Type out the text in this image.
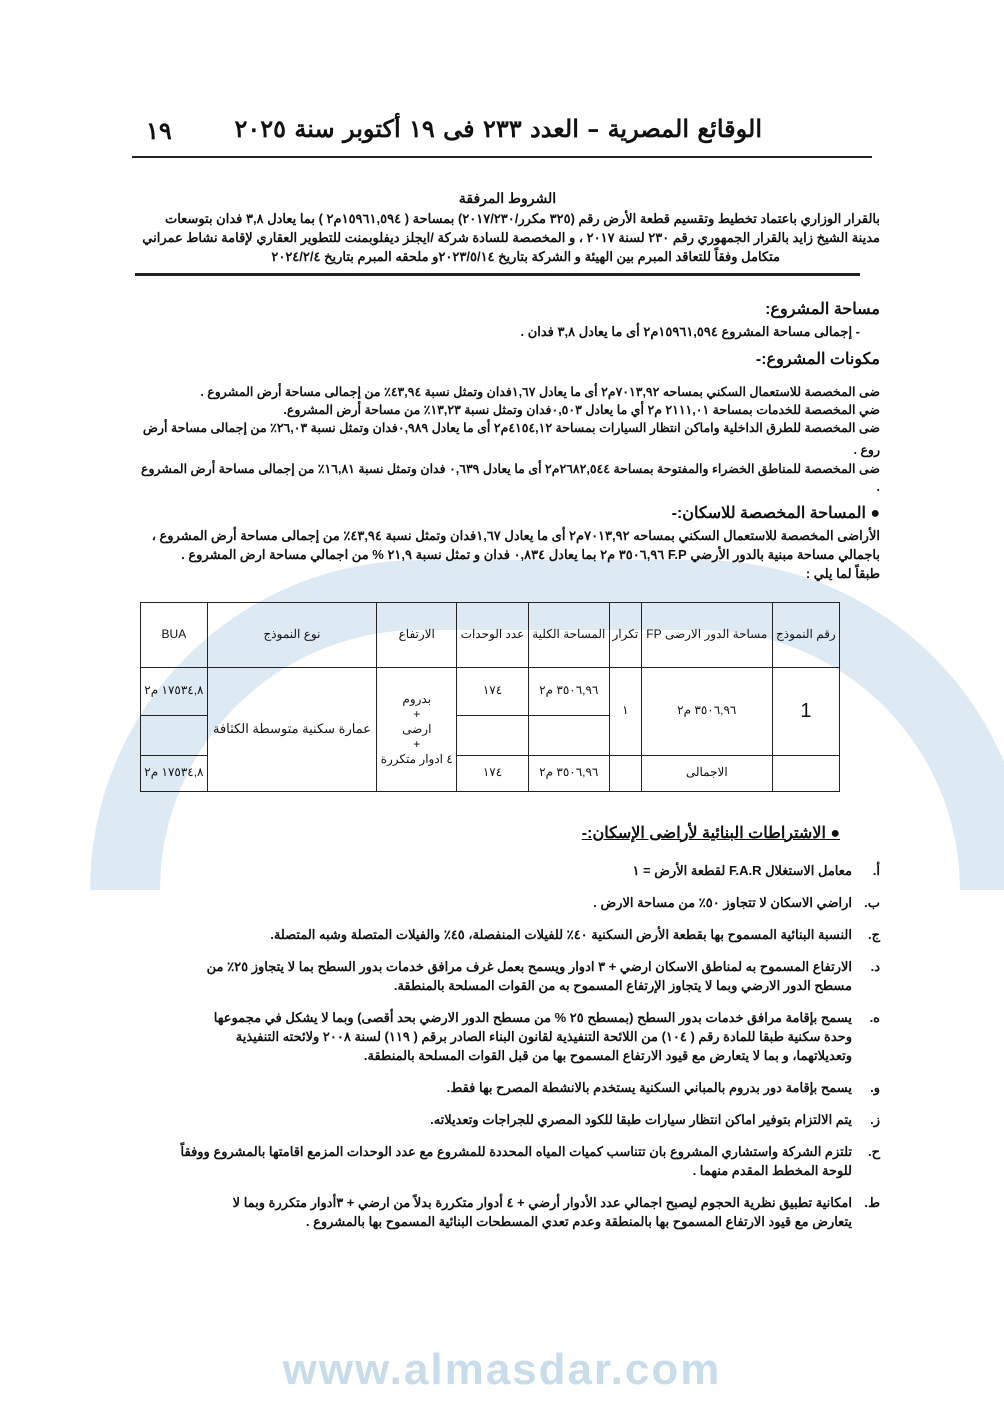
الوقائع المصرية – العدد ٢٣٣ فى ١٩ أكتوبر سنة ٢٠٢٥
١٩
www.almasdar.com
الشروط المرفقة
بالقرار الوزاري باعتماد تخطيط وتقسيم قطعة الأرض رقم (٣٢٥ مكرر/٢٠١٧/٢٣٠) بمساحة ( ١٥٩٦١,٥٩٤م٢ ) بما يعادل ٣,٨ فدان بتوسعات
مدينة الشيخ زايد بالقرار الجمهوري رقم ٢٣٠ لسنة ٢٠١٧ ، و المخصصة للسادة شركة /ايجلز ديفلوبمنت للتطوير العقاري لإقامة نشاط عمراني
متكامل وفقاً للتعاقد المبرم بين الهيئة و الشركة بتاريخ ٢٠٢٣/٥/١٤و ملحقه المبرم بتاريخ ٢٠٢٤/٢/٤
مساحة المشروع:
- إجمالى مساحة المشروع ١٥٩٦١,٥٩٤م٢ أى ما يعادل ٣,٨ فدان .
مكونات المشروع:-
ضى المخصصة للاستعمال السكني بمساحه ٧٠١٣,٩٢م٢ أى ما يعادل ١,٦٧فدان وتمثل نسبة ٤٣,٩٤٪ من إجمالى مساحة أرض المشروع .
ضي المخصصة للخدمات بمساحة ٢١١١,٠١ م٢ أي ما يعادل ٠,٥٠٣فدان وتمثل نسبة ١٣,٢٣٪ من مساحة أرض المشروع.
ضى المخصصة للطرق الداخلية واماكن انتظار السيارات بمساحة ٤١٥٤,١٢م٢ أى ما يعادل ٠,٩٨٩فدان وتمثل نسبة ٢٦,٠٣٪ من إجمالى مساحة أرض
روع .
ضى المخصصة للمناطق الخضراء والمفتوحة بمساحة ٢٦٨٢,٥٤٤م٢ أى ما يعادل ٠,٦٣٩ فدان وتمثل نسبة ١٦,٨١٪ من إجمالى مساحة أرض المشروع .
● المساحة المخصصة للاسكان:-
الأراضى المخصصة للاستعمال السكني بمساحه ٧٠١٣,٩٢م٢ أى ما يعادل ١,٦٧فدان وتمثل نسبة ٤٣,٩٤٪ من إجمالى مساحة أرض المشروع ،
باجمالي مساحة مبنية بالدور الأرضي F.P ٣٥٠٦,٩٦ م٢ بما يعادل ٠,٨٣٤ فدان و تمثل نسبة ٢١,٩ % من اجمالي مساحة ارض المشروع .
طبقاً لما يلي :
رقم النموذج	مساحة الدور الارضى FP	تكرار	المساحة الكلية	عدد الوحدات	الارتفاع	نوع النموذج	BUA
1	٣٥٠٦,٩٦ م٢	١	٣٥٠٦,٩٦ م٢	١٧٤	بدروم
+
ارضى
+
٤ ادوار متكررة	عمارة سكنية متوسطة الكثافة	١٧٥٣٤,٨ م٢

	الاجمالى		٣٥٠٦,٩٦ م٢	١٧٤			١٧٥٣٤,٨ م٢
● الاشتراطات البنائية لأراضى الإسكان:-
أ.
معامل الاستغلال F.A.R لقطعة الأرض = ١
ب.
اراضي الاسكان لا تتجاوز ٥٠٪ من مساحة الارض .
ج.
النسبة البنائية المسموح بها بقطعة الأرض السكنية ٤٠٪ للفيلات المنفصلة، ٤٥٪ والفيلات المتصلة وشبه المتصلة.
د.
الارتفاع المسموح به لمناطق الاسكان ارضي + ٣ ادوار ويسمح بعمل غرف مرافق خدمات بدور السطح بما لا يتجاوز ٢٥٪ من
مسطح الدور الارضي وبما لا يتجاوز الإرتفاع المسموح به من القوات المسلحة بالمنطقة.
ه.
يسمح بإقامة مرافق خدمات بدور السطح (بمسطح ٢٥ % من مسطح الدور الارضي بحد أقصى) وبما لا يشكل في مجموعها
وحدة سكنية طبقا للمادة رقم ( ١٠٤) من اللائحة التنفيذية لقانون البناء الصادر برقم ( ١١٩) لسنة ٢٠٠٨ ولائحته التنفيذية
وتعديلاتهما، و بما لا يتعارض مع قيود الارتفاع المسموح بها من قبل القوات المسلحة بالمنطقة.
و.
يسمح بإقامة دور بدروم بالمباني السكنية يستخدم بالانشطة المصرح بها فقط.
ز.
يتم الالتزام بتوفير اماكن انتظار سيارات طبقا للكود المصري للجراجات وتعديلاته.
ح.
تلتزم الشركة واستشاري المشروع بان تتناسب كميات المياه المحددة للمشروع مع عدد الوحدات المزمع اقامتها بالمشروع ووفقاً
للوحة المخطط المقدم منهما .
ط.
امكانية تطبيق نظرية الحجوم ليصبح اجمالي عدد الأدوار أرضي + ٤ أدوار متكررة بدلاً من ارضي + ٣أدوار متكررة وبما لا
يتعارض مع قيود الارتفاع المسموح بها بالمنطقة وعدم تعدي المسطحات البنائية المسموح بها بالمشروع .
